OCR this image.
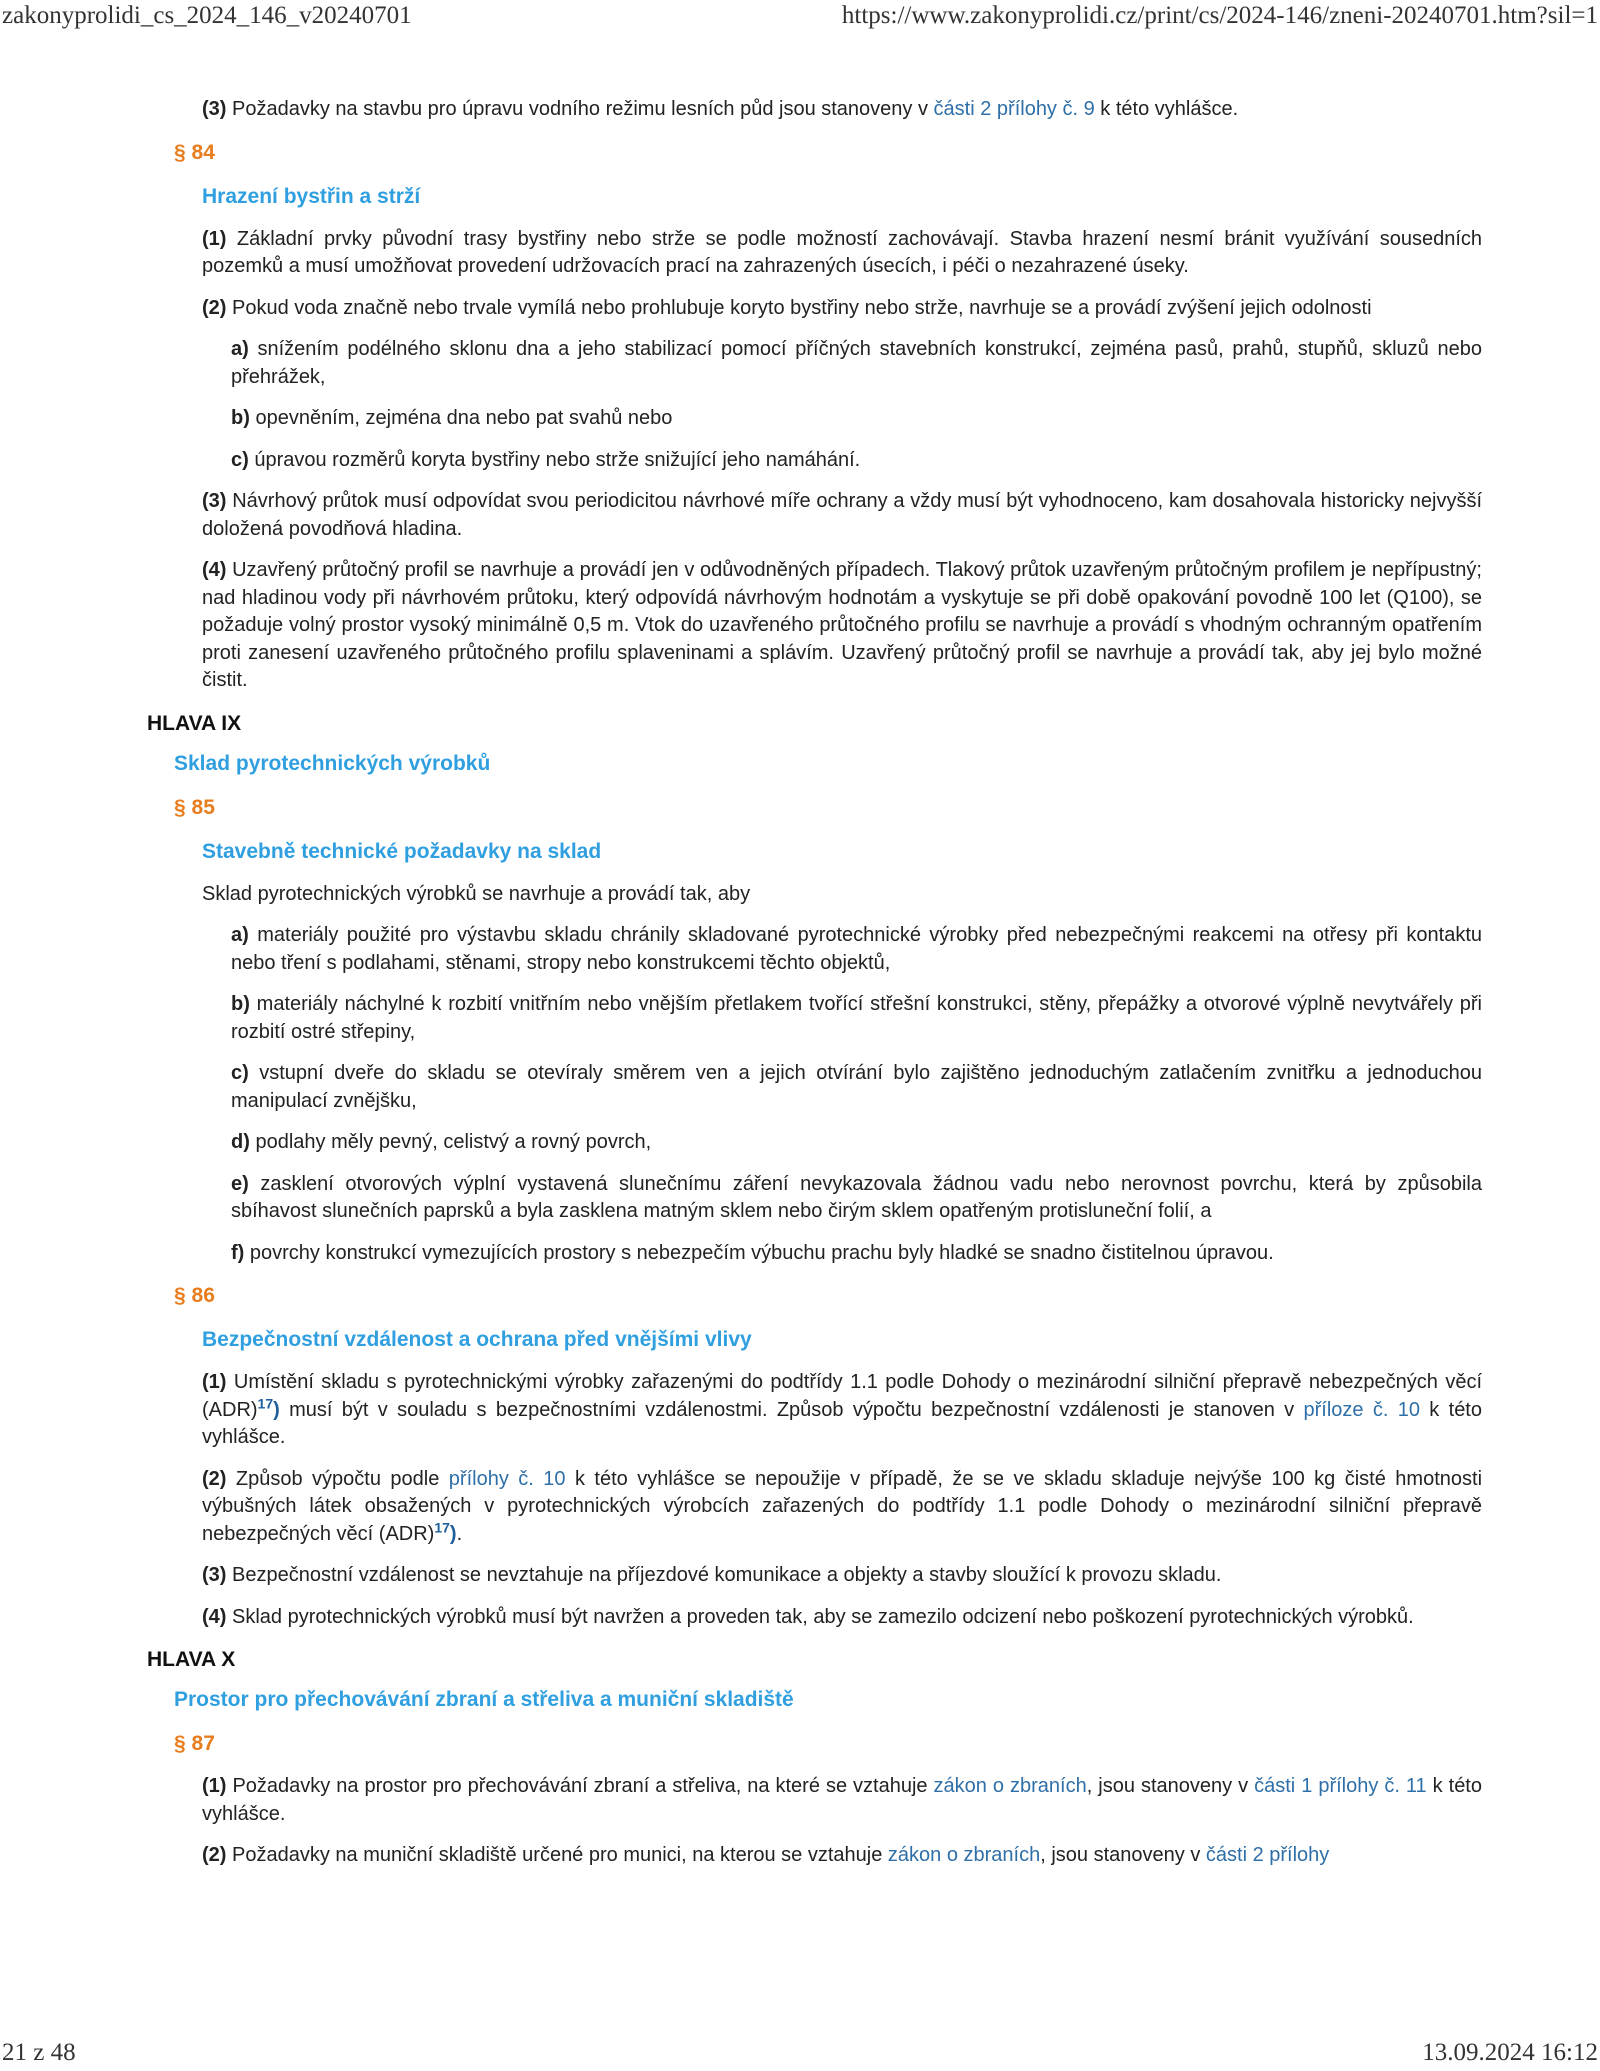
zakonyprolidi_cs_2024_146_v20240701	https://www.zakonyprolidi.cz/print/cs/2024-146/zneni-20240701.htm?sil=1

(3) Požadavky na stavbu pro úpravu vodního režimu lesních půd jsou stanoveny v části 2 přílohy č. 9 k této vyhlášce.

§ 84
Hrazení bystřin a strží

(1) Základní prvky původní trasy bystřiny nebo strže se podle možností zachovávají. Stavba hrazení nesmí bránit využívání sousedních pozemků a musí umožňovat provedení udržovacích prací na zahrazených úsecích, i péči o nezahrazené úseky.

(2) Pokud voda značně nebo trvale vymílá nebo prohlubuje koryto bystřiny nebo strže, navrhuje se a provádí zvýšení jejich odolnosti

a) snížením podélného sklonu dna a jeho stabilizací pomocí příčných stavebních konstrukcí, zejména pasů, prahů, stupňů, skluzů nebo přehrážek,

b) opevněním, zejména dna nebo pat svahů nebo

c) úpravou rozměrů koryta bystřiny nebo strže snižující jeho namáhání.

(3) Návrhový průtok musí odpovídat svou periodicitou návrhové míře ochrany a vždy musí být vyhodnoceno, kam dosahovala historicky nejvyšší doložená povodňová hladina.

(4) Uzavřený průtočný profil se navrhuje a provádí jen v odůvodněných případech. Tlakový průtok uzavřeným průtočným profilem je nepřípustný; nad hladinou vody při návrhovém průtoku, který odpovídá návrhovým hodnotám a vyskytuje se při době opakování povodně 100 let (Q100), se požaduje volný prostor vysoký minimálně 0,5 m. Vtok do uzavřeného průtočného profilu se navrhuje a provádí s vhodným ochranným opatřením proti zanesení uzavřeného průtočného profilu splaveninami a splávím. Uzavřený průtočný profil se navrhuje a provádí tak, aby jej bylo možné čistit.

HLAVA IX
Sklad pyrotechnických výrobků
§ 85
Stavebně technické požadavky na sklad

Sklad pyrotechnických výrobků se navrhuje a provádí tak, aby

a) materiály použité pro výstavbu skladu chránily skladované pyrotechnické výrobky před nebezpečnými reakcemi na otřesy při kontaktu nebo tření s podlahami, stěnami, stropy nebo konstrukcemi těchto objektů,

b) materiály náchylné k rozbití vnitřním nebo vnějším přetlakem tvořící střešní konstrukci, stěny, přepážky a otvorové výplně nevytvářely při rozbití ostré střepiny,

c) vstupní dveře do skladu se otevíraly směrem ven a jejich otvírání bylo zajištěno jednoduchým zatlačením zvnitřku a jednoduchou manipulací zvnějšku,

d) podlahy měly pevný, celistvý a rovný povrch,

e) zasklení otvorových výplní vystavená slunečnímu záření nevykazovala žádnou vadu nebo nerovnost povrchu, která by způsobila sbíhavost slunečních paprsků a byla zasklena matným sklem nebo čirým sklem opatřeným protisluneční folií, a

f) povrchy konstrukcí vymezujících prostory s nebezpečím výbuchu prachu byly hladké se snadno čistitelnou úpravou.

§ 86
Bezpečnostní vzdálenost a ochrana před vnějšími vlivy

(1) Umístění skladu s pyrotechnickými výrobky zařazenými do podtřídy 1.1 podle Dohody o mezinárodní silniční přepravě nebezpečných věcí (ADR)$^{17}$) musí být v souladu s bezpečnostními vzdálenostmi. Způsob výpočtu bezpečnostní vzdálenosti je stanoven v příloze č. 10 k této vyhlášce.

(2) Způsob výpočtu podle přílohy č. 10 k této vyhlášce se nepoužije v případě, že se ve skladu skladuje nejvýše 100 kg čisté hmotnosti výbušných látek obsažených v pyrotechnických výrobcích zařazených do podtřídy 1.1 podle Dohody o mezinárodní silniční přepravě nebezpečných věcí (ADR)$^{17}$).

(3) Bezpečnostní vzdálenost se nevztahuje na příjezdové komunikace a objekty a stavby sloužící k provozu skladu.

(4) Sklad pyrotechnických výrobků musí být navržen a proveden tak, aby se zamezilo odcizení nebo poškození pyrotechnických výrobků.

HLAVA X
Prostor pro přechovávání zbraní a střeliva a muniční skladiště
§ 87

(1) Požadavky na prostor pro přechovávání zbraní a střeliva, na které se vztahuje zákon o zbraních, jsou stanoveny v části 1 přílohy č. 11 k této vyhlášce.

(2) Požadavky na muniční skladiště určené pro munici, na kterou se vztahuje zákon o zbraních, jsou stanoveny v části 2 přílohy

21 z 48	13.09.2024 16:12
